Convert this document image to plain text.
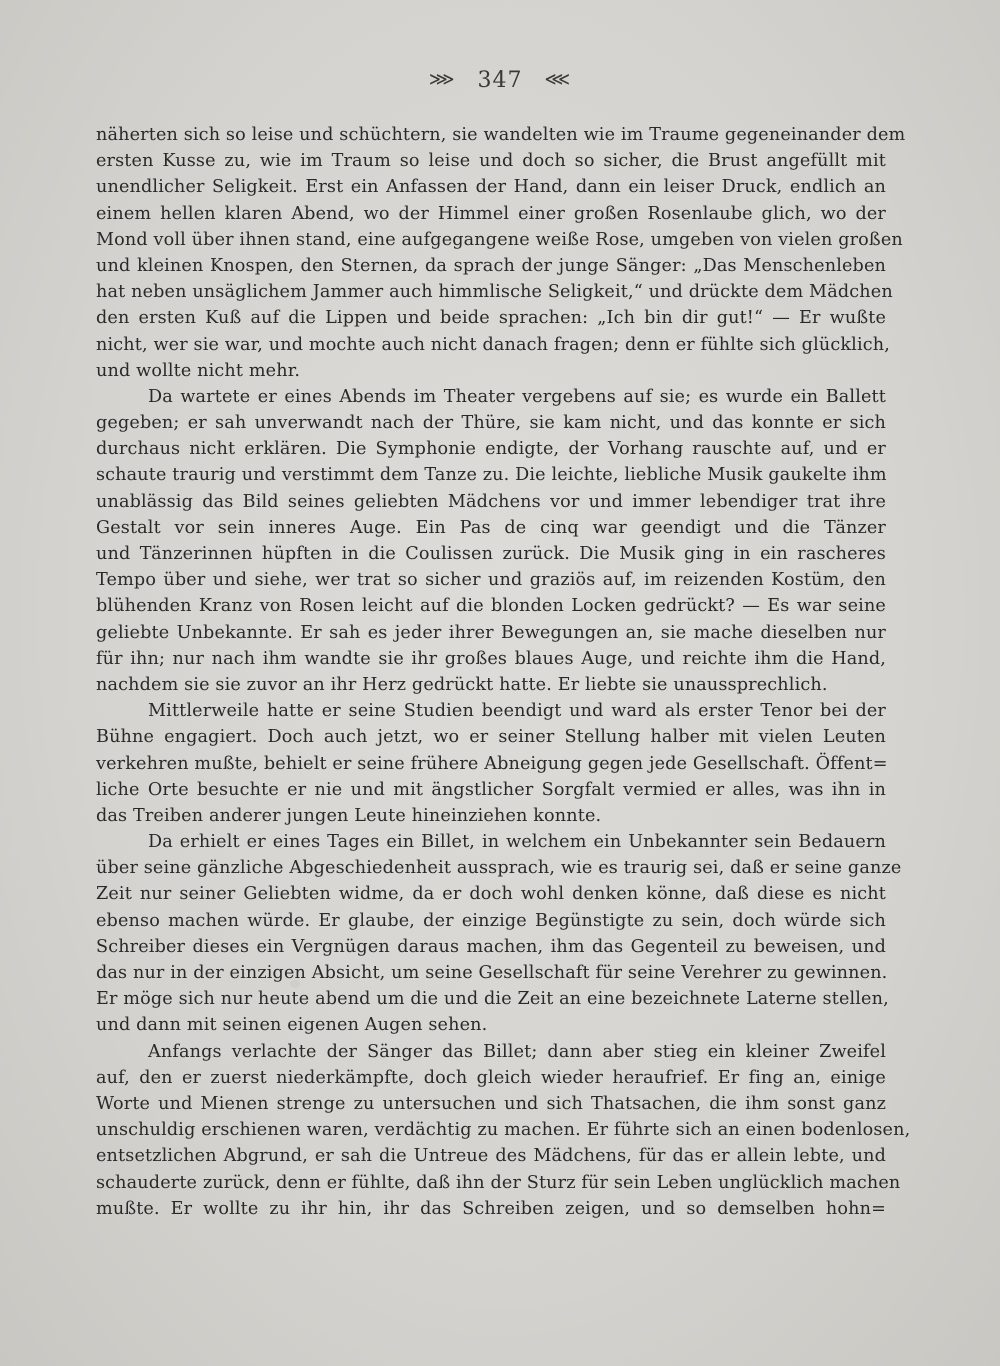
⋙ 347 ⋘
näherten sich so leise und schüchtern, sie wandelten wie im Traume gegeneinander dem
ersten Kusse zu, wie im Traum so leise und doch so sicher, die Brust angefüllt mit
unendlicher Seligkeit. Erst ein Anfassen der Hand, dann ein leiser Druck, endlich an
einem hellen klaren Abend, wo der Himmel einer großen Rosenlaube glich, wo der
Mond voll über ihnen stand, eine aufgegangene weiße Rose, umgeben von vielen großen
und kleinen Knospen, den Sternen, da sprach der junge Sänger: „Das Menschenleben
hat neben unsäglichem Jammer auch himmlische Seligkeit,“ und drückte dem Mädchen
den ersten Kuß auf die Lippen und beide sprachen: „Ich bin dir gut!“ — Er wußte
nicht, wer sie war, und mochte auch nicht danach fragen; denn er fühlte sich glücklich,
und wollte nicht mehr.
Da wartete er eines Abends im Theater vergebens auf sie; es wurde ein Ballett
gegeben; er sah unverwandt nach der Thüre, sie kam nicht, und das konnte er sich
durchaus nicht erklären. Die Symphonie endigte, der Vorhang rauschte auf, und er
schaute traurig und verstimmt dem Tanze zu. Die leichte, liebliche Musik gaukelte ihm
unablässig das Bild seines geliebten Mädchens vor und immer lebendiger trat ihre
Gestalt vor sein inneres Auge. Ein Pas de cinq war geendigt und die Tänzer
und Tänzerinnen hüpften in die Coulissen zurück. Die Musik ging in ein rascheres
Tempo über und siehe, wer trat so sicher und graziös auf, im reizenden Kostüm, den
blühenden Kranz von Rosen leicht auf die blonden Locken gedrückt? — Es war seine
geliebte Unbekannte. Er sah es jeder ihrer Bewegungen an, sie mache dieselben nur
für ihn; nur nach ihm wandte sie ihr großes blaues Auge, und reichte ihm die Hand,
nachdem sie sie zuvor an ihr Herz gedrückt hatte. Er liebte sie unaussprechlich.
Mittlerweile hatte er seine Studien beendigt und ward als erster Tenor bei der
Bühne engagiert. Doch auch jetzt, wo er seiner Stellung halber mit vielen Leuten
verkehren mußte, behielt er seine frühere Abneigung gegen jede Gesellschaft. Öffent=
liche Orte besuchte er nie und mit ängstlicher Sorgfalt vermied er alles, was ihn in
das Treiben anderer jungen Leute hineinziehen konnte.
Da erhielt er eines Tages ein Billet, in welchem ein Unbekannter sein Bedauern
über seine gänzliche Abgeschiedenheit aussprach, wie es traurig sei, daß er seine ganze
Zeit nur seiner Geliebten widme, da er doch wohl denken könne, daß diese es nicht
ebenso machen würde. Er glaube, der einzige Begünstigte zu sein, doch würde sich
Schreiber dieses ein Vergnügen daraus machen, ihm das Gegenteil zu beweisen, und
das nur in der einzigen Absicht, um seine Gesellschaft für seine Verehrer zu gewinnen.
Er möge sich nur heute abend um die und die Zeit an eine bezeichnete Laterne stellen,
und dann mit seinen eigenen Augen sehen.
Anfangs verlachte der Sänger das Billet; dann aber stieg ein kleiner Zweifel
auf, den er zuerst niederkämpfte, doch gleich wieder heraufrief. Er fing an, einige
Worte und Mienen strenge zu untersuchen und sich Thatsachen, die ihm sonst ganz
unschuldig erschienen waren, verdächtig zu machen. Er führte sich an einen bodenlosen,
entsetzlichen Abgrund, er sah die Untreue des Mädchens, für das er allein lebte, und
schauderte zurück, denn er fühlte, daß ihn der Sturz für sein Leben unglücklich machen
mußte. Er wollte zu ihr hin, ihr das Schreiben zeigen, und so demselben hohn=
